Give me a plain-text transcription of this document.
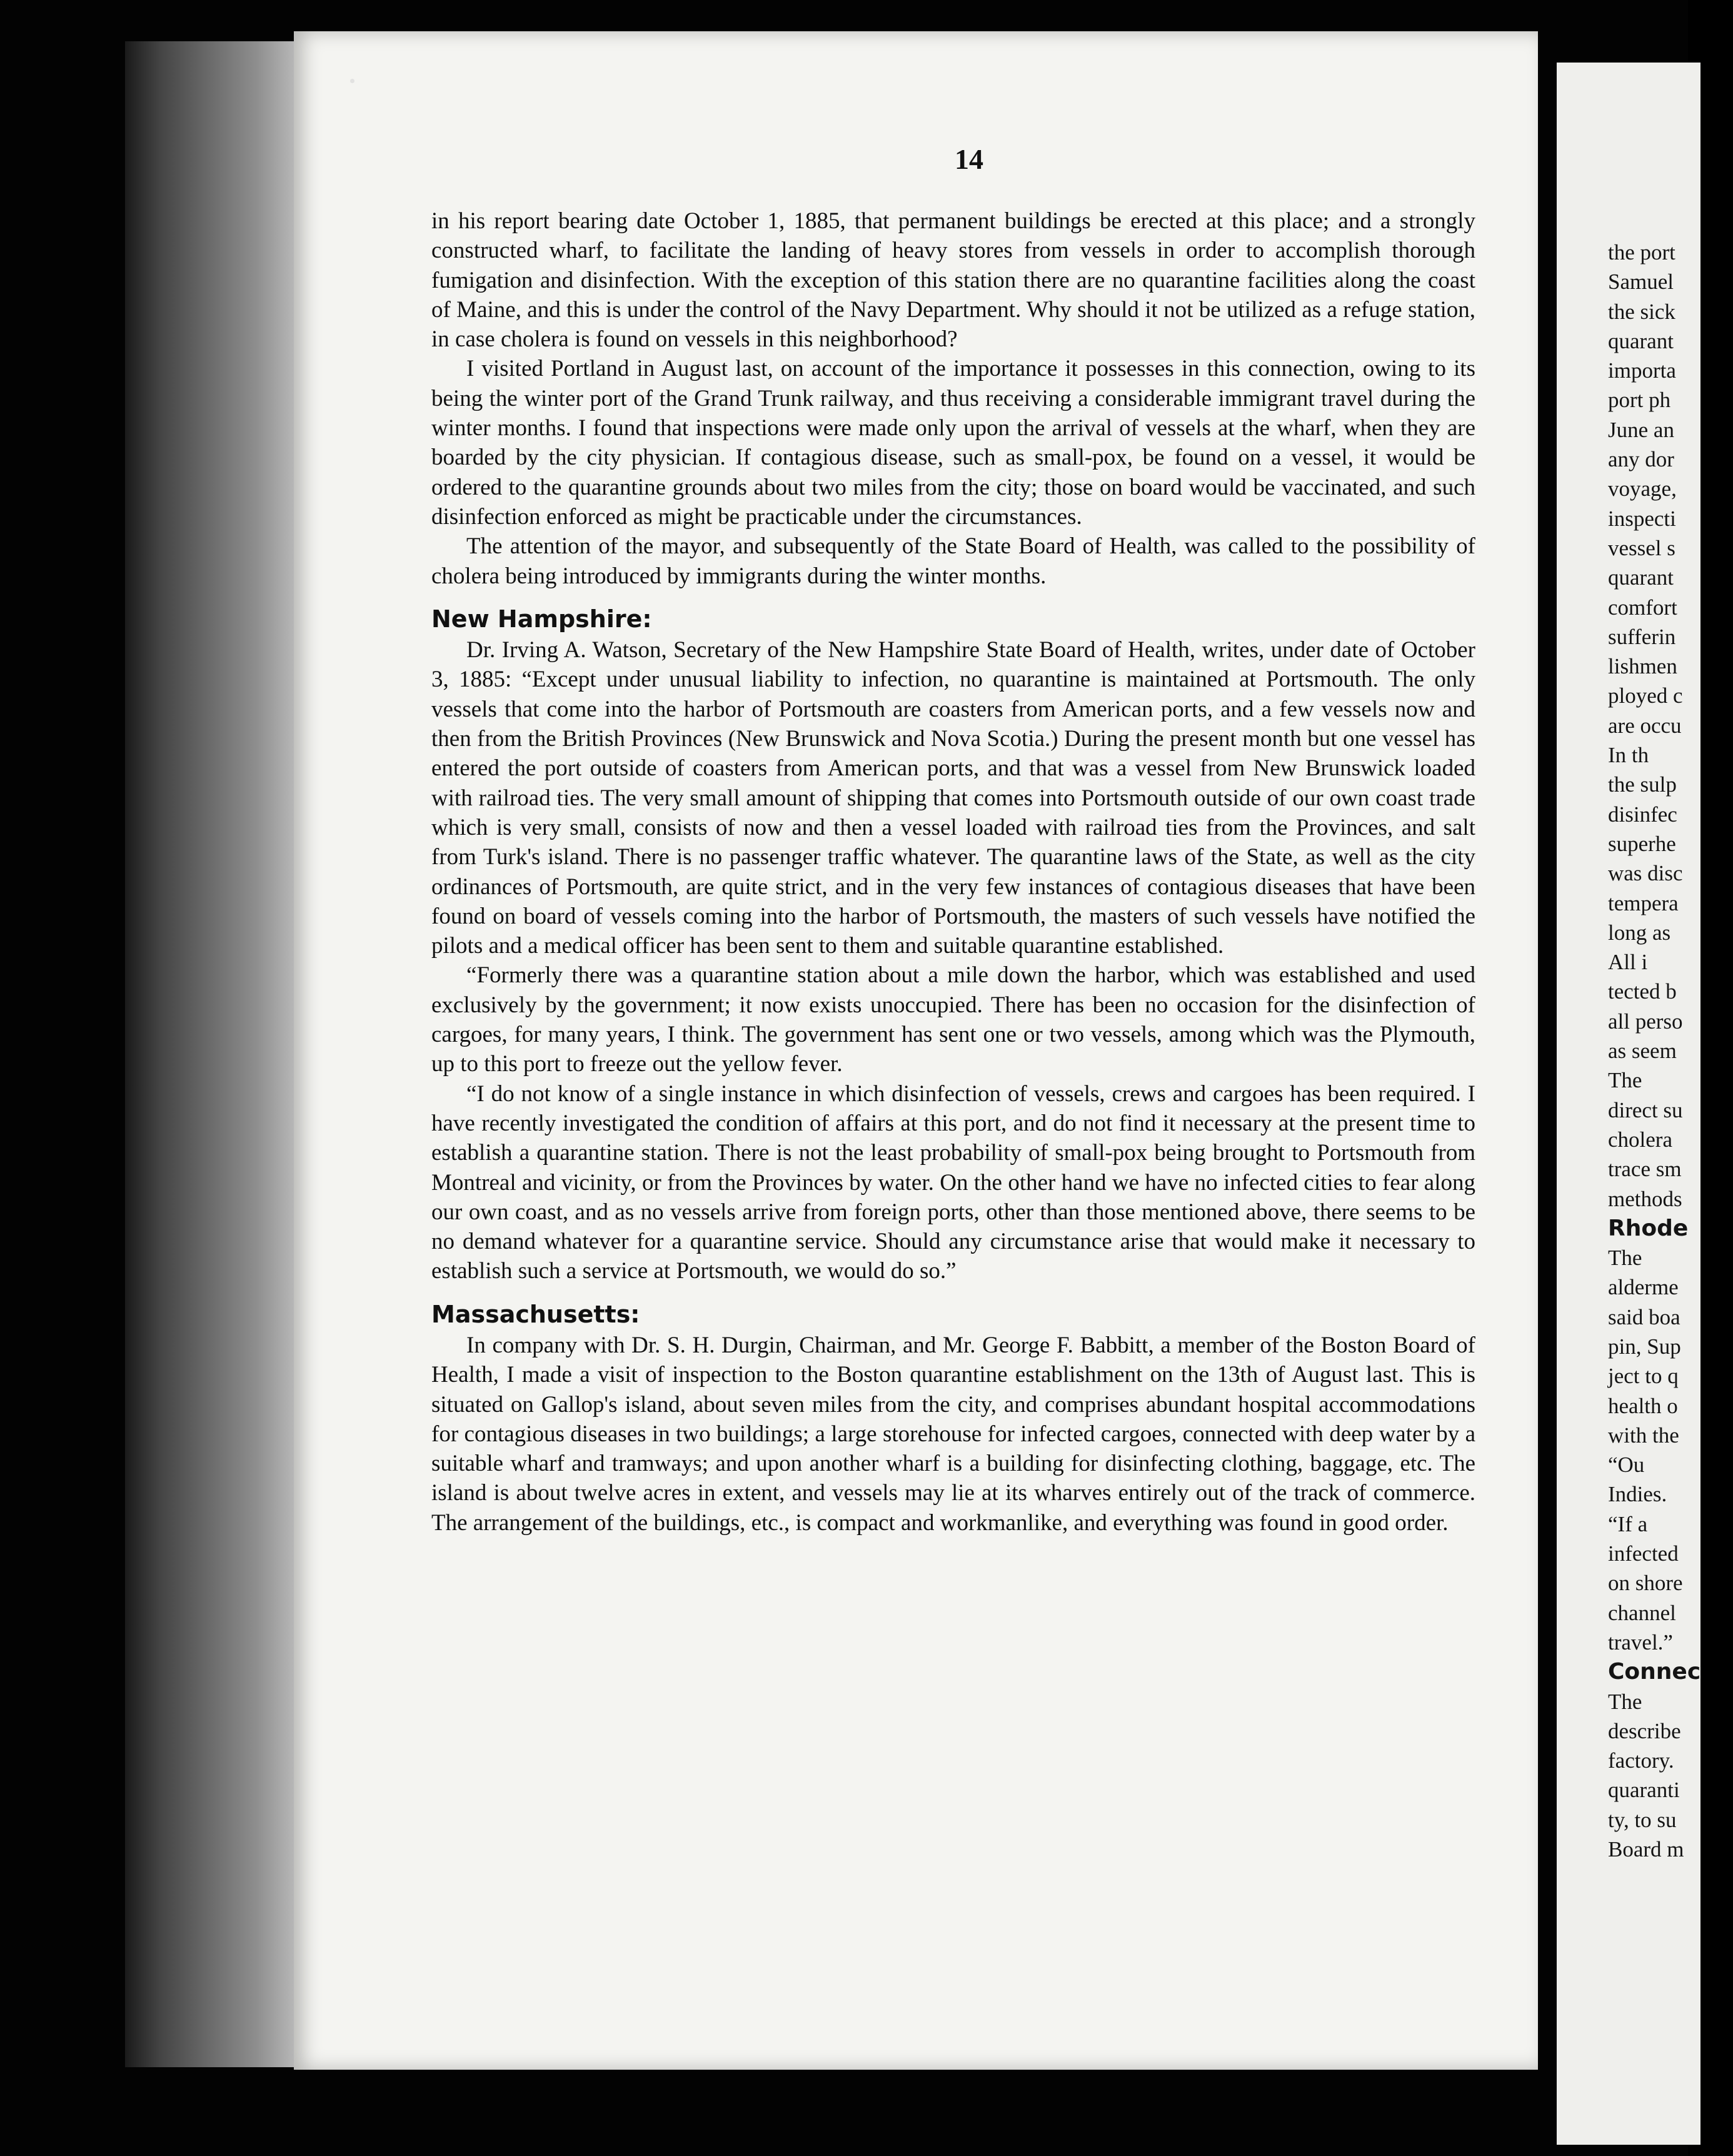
14

in his report bearing date October 1, 1885, that permanent buildings be erected at this place; and a strongly constructed wharf, to facilitate the landing of heavy stores from vessels in order to accomplish thorough fumigation and disinfection. With the exception of this station there are no quarantine facilities along the coast of Maine, and this is under the control of the Navy Department. Why should it not be utilized as a refuge station, in case cholera is found on vessels in this neighborhood?

I visited Portland in August last, on account of the importance it possesses in this connection, owing to its being the winter port of the Grand Trunk railway, and thus receiving a considerable immigrant travel during the winter months. I found that inspections were made only upon the arrival of vessels at the wharf, when they are boarded by the city physician. If contagious disease, such as small-pox, be found on a vessel, it would be ordered to the quarantine grounds about two miles from the city; those on board would be vaccinated, and such disinfection enforced as might be practicable under the circumstances.

The attention of the mayor, and subsequently of the State Board of Health, was called to the possibility of cholera being introduced by immigrants during the winter months.

New Hampshire:

Dr. Irving A. Watson, Secretary of the New Hampshire State Board of Health, writes, under date of October 3, 1885: “Except under unusual liability to infection, no quarantine is maintained at Portsmouth. The only vessels that come into the harbor of Portsmouth are coasters from American ports, and a few vessels now and then from the British Provinces (New Brunswick and Nova Scotia.) During the present month but one vessel has entered the port outside of coasters from American ports, and that was a vessel from New Brunswick loaded with railroad ties. The very small amount of shipping that comes into Portsmouth outside of our own coast trade which is very small, consists of now and then a vessel loaded with railroad ties from the Provinces, and salt from Turk's island. There is no passenger traffic whatever. The quarantine laws of the State, as well as the city ordinances of Portsmouth, are quite strict, and in the very few instances of contagious diseases that have been found on board of vessels coming into the harbor of Portsmouth, the masters of such vessels have notified the pilots and a medical officer has been sent to them and suitable quarantine established.

“Formerly there was a quarantine station about a mile down the harbor, which was established and used exclusively by the government; it now exists unoccupied. There has been no occasion for the disinfection of cargoes, for many years, I think. The government has sent one or two vessels, among which was the Plymouth, up to this port to freeze out the yellow fever.

“I do not know of a single instance in which disinfection of vessels, crews and cargoes has been required. I have recently investigated the condition of affairs at this port, and do not find it necessary at the present time to establish a quarantine station. There is not the least probability of small-pox being brought to Portsmouth from Montreal and vicinity, or from the Provinces by water. On the other hand we have no infected cities to fear along our own coast, and as no vessels arrive from foreign ports, other than those mentioned above, there seems to be no demand whatever for a quarantine service. Should any circumstance arise that would make it necessary to establish such a service at Portsmouth, we would do so.”

Massachusetts:

In company with Dr. S. H. Durgin, Chairman, and Mr. George F. Babbitt, a member of the Boston Board of Health, I made a visit of inspection to the Boston quarantine establishment on the 13th of August last. This is situated on Gallop's island, about seven miles from the city, and comprises abundant hospital accommodations for contagious diseases in two buildings; a large storehouse for infected cargoes, connected with deep water by a suitable wharf and tramways; and upon another wharf is a building for disinfecting clothing, baggage, etc. The island is about twelve acres in extent, and vessels may lie at its wharves entirely out of the track of commerce. The arrangement of the buildings, etc., is compact and workmanlike, and everything was found in good order.

the port
Samuel
the sick
quarant
importa
port ph
June an
any dor
voyage,
inspecti
vessel s
quarant
comfort
sufferin
lishmen
ployed c
are occu
In th
the sulp
disinfec
superhe
was disc
tempera
long as
All i
tected b
all perso
as seem
The
direct su
cholera
trace sm
methods
Rhode
The
alderme
said boa
pin, Sup
ject to q
health o
with the
“Ou
Indies.
“If a
infected
on shore
channel
travel.”
Connec
The
describe
factory.
quaranti
ty, to su
Board m
